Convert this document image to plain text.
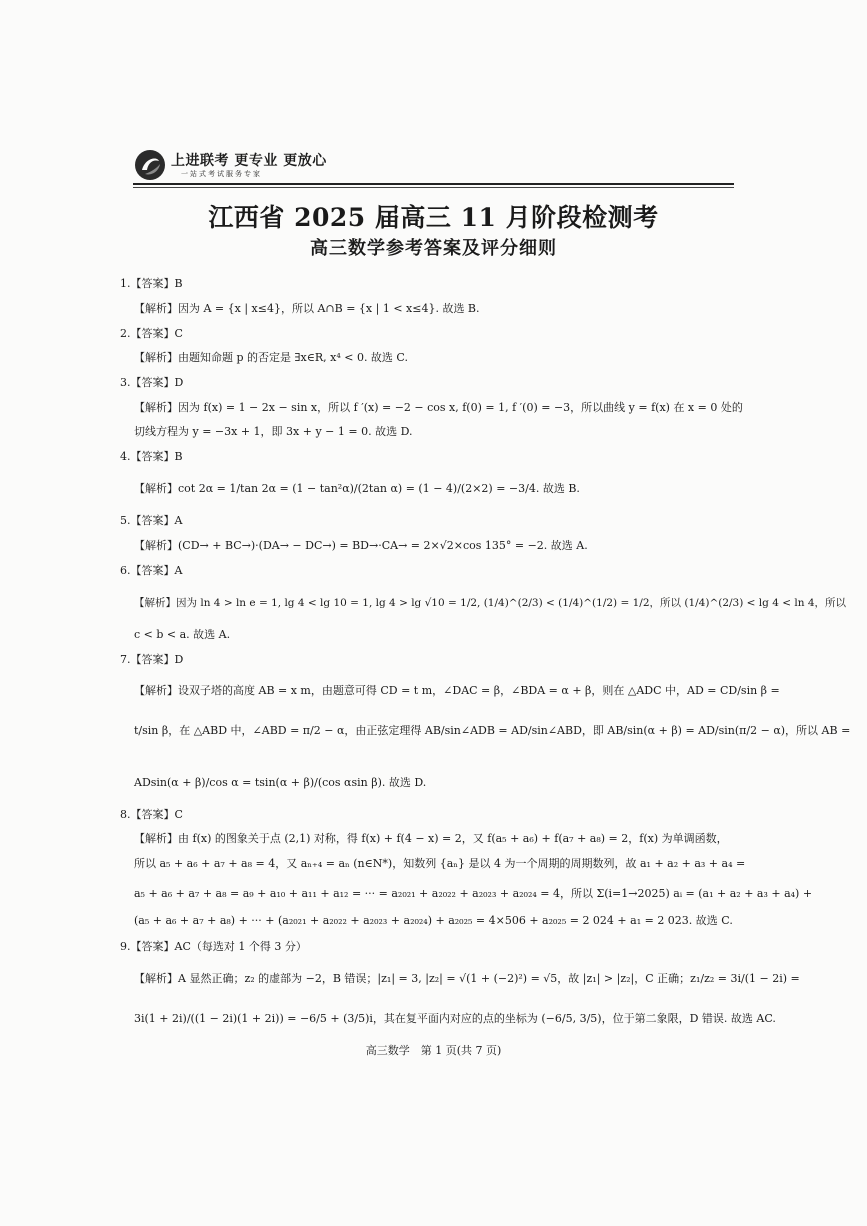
上进联考 更专业 更放心
一站式考试服务专家
江西省 2025 届高三 11 月阶段检测考
高三数学参考答案及评分细则
1.【答案】B
【解析】因为 A = {x | x≤4}，所以 A∩B = {x | 1 < x≤4}. 故选 B.
2.【答案】C
【解析】由题知命题 p 的否定是 ∃x∈R, x⁴ < 0. 故选 C.
3.【答案】D
【解析】因为 f(x) = 1 − 2x − sin x，所以 f ′(x) = −2 − cos x, f(0) = 1, f ′(0) = −3，所以曲线 y = f(x) 在 x = 0 处的
切线方程为 y = −3x + 1，即 3x + y − 1 = 0. 故选 D.
4.【答案】B
【解析】cot 2α = 1/tan 2α = (1 − tan²α)/(2tan α) = (1 − 4)/(2×2) = −3/4. 故选 B.
5.【答案】A
【解析】(CD→ + BC→)·(DA→ − DC→) = BD→·CA→ = 2×√2×cos 135° = −2. 故选 A.
6.【答案】A
【解析】因为 ln 4 > ln e = 1, lg 4 < lg 10 = 1, lg 4 > lg √10 = 1/2, (1/4)^(2/3) < (1/4)^(1/2) = 1/2，所以 (1/4)^(2/3) < lg 4 < ln 4，所以
c < b < a. 故选 A.
7.【答案】D
【解析】设双子塔的高度 AB = x m，由题意可得 CD = t m，∠DAC = β，∠BDA = α + β，则在 △ADC 中，AD = CD/sin β =
t/sin β，在 △ABD 中，∠ABD = π/2 − α，由正弦定理得 AB/sin∠ADB = AD/sin∠ABD，即 AB/sin(α + β) = AD/sin(π/2 − α)，所以 AB =
ADsin(α + β)/cos α = tsin(α + β)/(cos αsin β). 故选 D.
8.【答案】C
【解析】由 f(x) 的图象关于点 (2,1) 对称，得 f(x) + f(4 − x) = 2，又 f(a₅ + a₆) + f(a₇ + a₈) = 2，f(x) 为单调函数，
所以 a₅ + a₆ + a₇ + a₈ = 4，又 aₙ₊₄ = aₙ (n∈N*)，知数列 {aₙ} 是以 4 为一个周期的周期数列，故 a₁ + a₂ + a₃ + a₄ =
a₅ + a₆ + a₇ + a₈ = a₉ + a₁₀ + a₁₁ + a₁₂ = ··· = a₂₀₂₁ + a₂₀₂₂ + a₂₀₂₃ + a₂₀₂₄ = 4，所以 Σ(i=1→2025) aᵢ = (a₁ + a₂ + a₃ + a₄) +
(a₅ + a₆ + a₇ + a₈) + ··· + (a₂₀₂₁ + a₂₀₂₂ + a₂₀₂₃ + a₂₀₂₄) + a₂₀₂₅ = 4×506 + a₂₀₂₅ = 2 024 + a₁ = 2 023. 故选 C.
9.【答案】AC（每选对 1 个得 3 分）
【解析】A 显然正确；z₂ 的虚部为 −2，B 错误；|z₁| = 3, |z₂| = √(1 + (−2)²) = √5，故 |z₁| > |z₂|，C 正确；z₁/z₂ = 3i/(1 − 2i) =
3i(1 + 2i)/((1 − 2i)(1 + 2i)) = −6/5 + (3/5)i，其在复平面内对应的点的坐标为 (−6/5, 3/5)，位于第二象限，D 错误. 故选 AC.
高三数学　第 1 页(共 7 页)
